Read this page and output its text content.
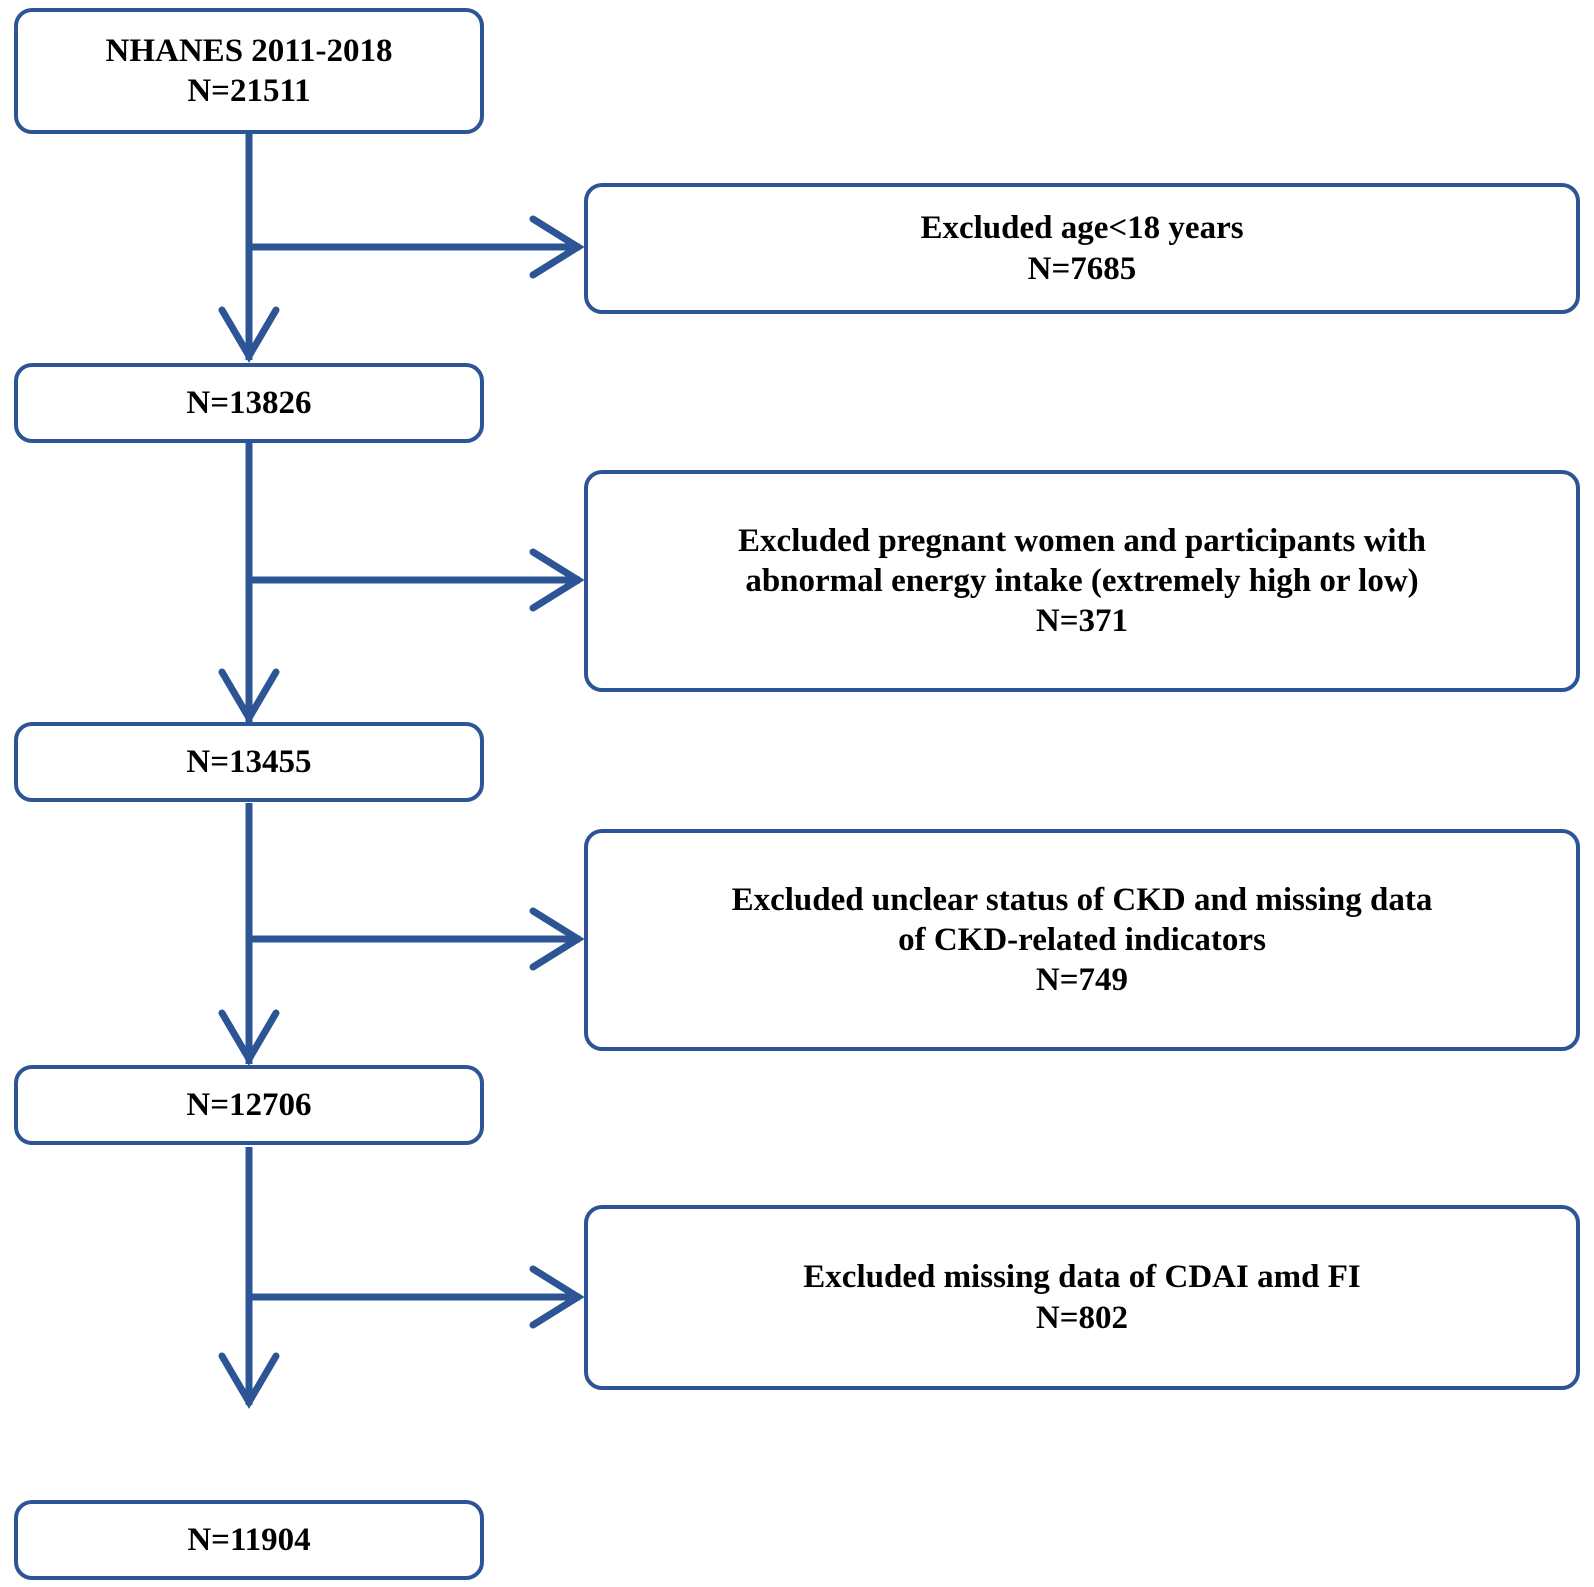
NHANES 2011-2018
N=21511
N=13826
N=13455
N=12706
N=11904
Excluded age<18 years
N=7685
Excluded pregnant women and participants with
abnormal energy intake (extremely high or low)
N=371
Excluded unclear status of CKD and missing data
of CKD-related indicators
N=749
Excluded missing data of CDAI amd FI
N=802
